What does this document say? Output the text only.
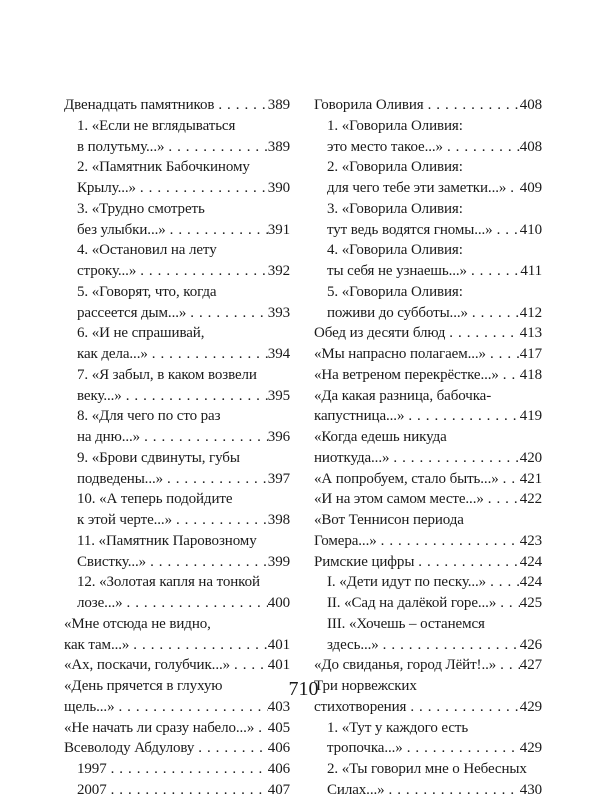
Двенадцать памятников . . .	389
1. «Если не вглядываться
в полутьму...» . . .	389
2. «Памятник Бабочкиному
Крылу...» . . .	390
3. «Трудно смотреть
без улыбки...» . . .	391
4. «Остановил на лету
строку...» . . .	392
5. «Говорят, что, когда
рассеется дым...» . . .	393
6. «И не спрашивай,
как дела...» . . .	394
7. «Я забыл, в каком возвели
веку...» . . .	395
8. «Для чего по сто раз
на дню...» . . .	396
9. «Брови сдвинуты, губы
подведены...» . . .	397
10. «А теперь подойдите
к этой черте...» . . .	398
11. «Памятник Паровозному
Свистку...» . . .	399
12. «Золотая капля на тонкой
лозе...» . . .	400
«Мне отсюда не видно,
как там...» . . .	401
«Ах, поскачи, голубчик...» . . .	401
«День прячется в глухую
щель...» . . .	403
«Не начать ли сразу набело...» . . . 405
Всеволоду Абдулову . . .	406
1997 . . .	406
2007 . . .	407
Говорила Оливия . . .	408
1. «Говорила Оливия:
это место такое...» . . .	408
2. «Говорила Оливия:
для чего тебе эти заметки...» . . . 409
3. «Говорила Оливия:
тут ведь водятся гномы...» . . . 410
4. «Говорила Оливия:
ты себя не узнаешь...» . . .	411
5. «Говорила Оливия:
поживи до субботы...» . . .	412
Обед из десяти блюд . . .	413
«Мы напрасно полагаем...» . . . 417
«На ветреном перекрёстке...» . . . 418
«Да какая разница, бабочка-
капустница...» . . .	419
«Когда едешь никуда
ниоткуда...» . . .	420
«А попробуем, стало быть...» . . . 421
«И на этом самом месте...» . . . 422
«Вот Теннисон периода
Гомера...» . . .	423
Римские цифры . . .	424
I. «Дети идут по песку...» . . . 424
II. «Сад на далёкой горе...» . . . 425
III. «Хочешь – останемся
здесь...» . . .	426
«До свиданья, город Лёйт!..» . . . 427
Три норвежских
стихотворения . . .	429
1. «Тут у каждого есть
тропочка...» . . .	429
2. «Ты говорил мне о Небесных
Силах...» . . .	430
710
